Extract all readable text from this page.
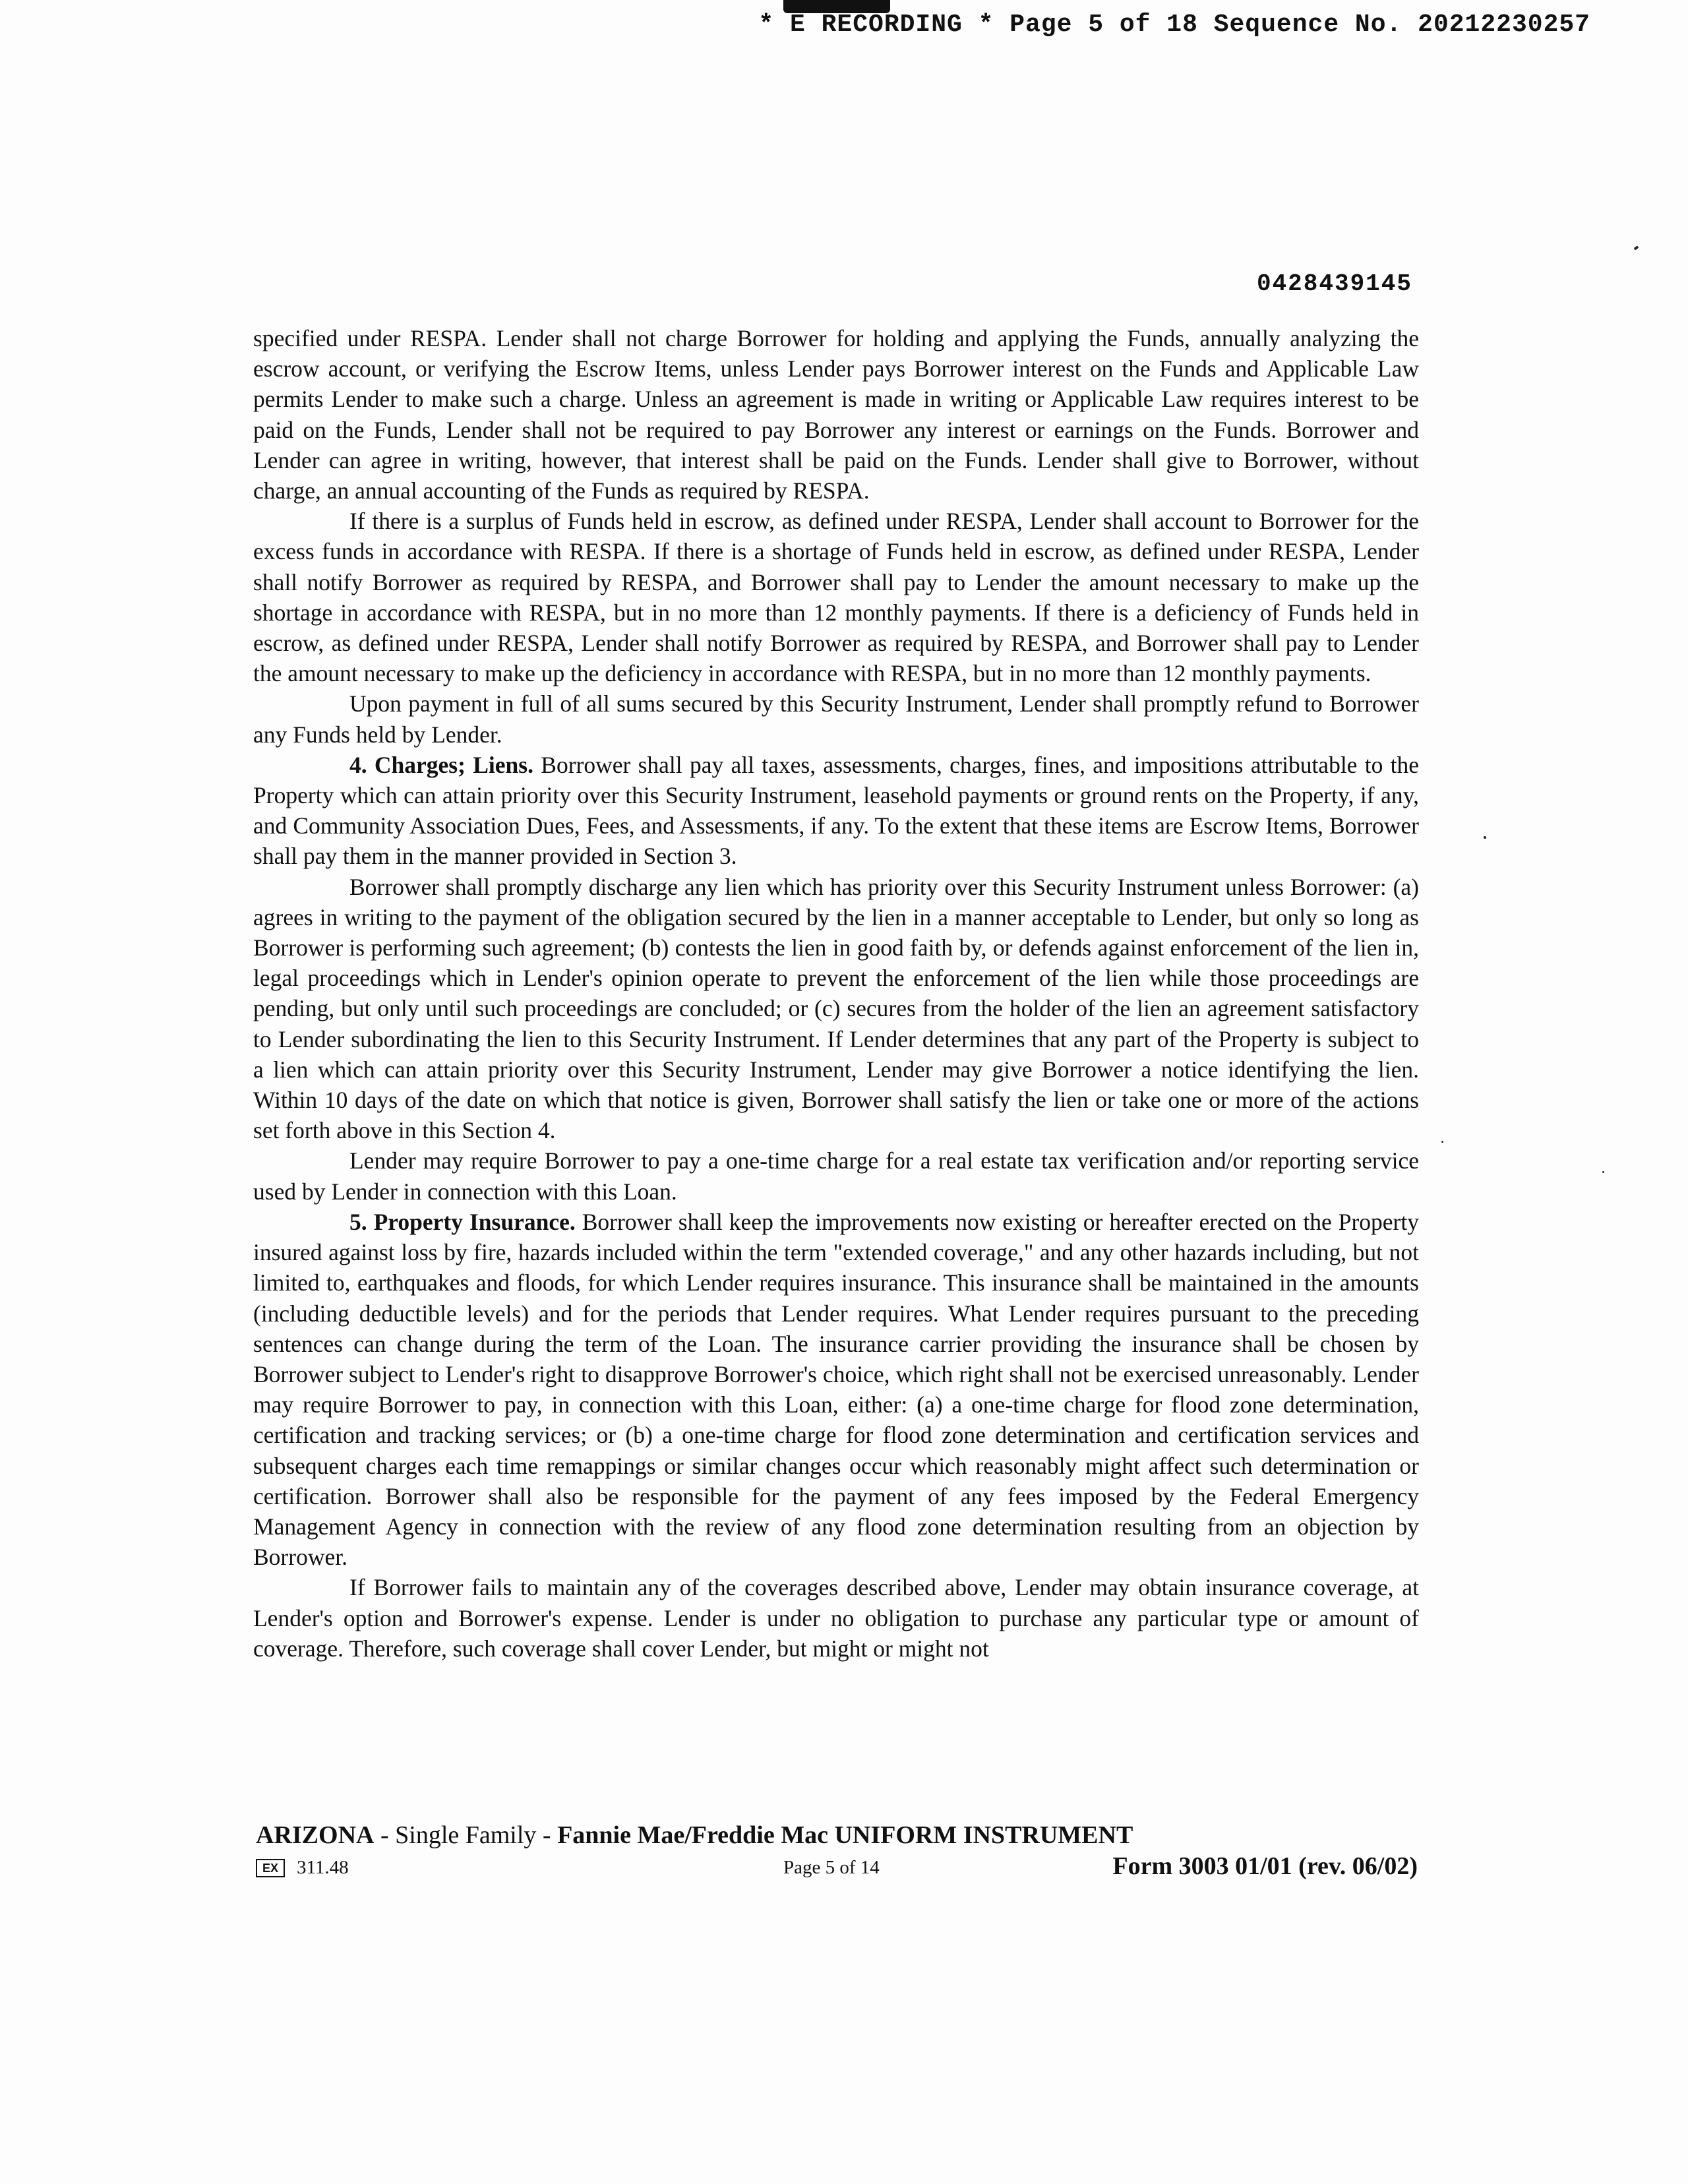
* E RECORDING * Page 5 of 18 Sequence No. 20212230257
0428439145

specified under RESPA. Lender shall not charge Borrower for holding and applying the Funds, annually analyzing the escrow account, or verifying the Escrow Items, unless Lender pays Borrower interest on the Funds and Applicable Law permits Lender to make such a charge. Unless an agreement is made in writing or Applicable Law requires interest to be paid on the Funds, Lender shall not be required to pay Borrower any interest or earnings on the Funds. Borrower and Lender can agree in writing, however, that interest shall be paid on the Funds. Lender shall give to Borrower, without charge, an annual accounting of the Funds as required by RESPA.

If there is a surplus of Funds held in escrow, as defined under RESPA, Lender shall account to Borrower for the excess funds in accordance with RESPA. If there is a shortage of Funds held in escrow, as defined under RESPA, Lender shall notify Borrower as required by RESPA, and Borrower shall pay to Lender the amount necessary to make up the shortage in accordance with RESPA, but in no more than 12 monthly payments. If there is a deficiency of Funds held in escrow, as defined under RESPA, Lender shall notify Borrower as required by RESPA, and Borrower shall pay to Lender the amount necessary to make up the deficiency in accordance with RESPA, but in no more than 12 monthly payments.

Upon payment in full of all sums secured by this Security Instrument, Lender shall promptly refund to Borrower any Funds held by Lender.

4. Charges; Liens. Borrower shall pay all taxes, assessments, charges, fines, and impositions attributable to the Property which can attain priority over this Security Instrument, leasehold payments or ground rents on the Property, if any, and Community Association Dues, Fees, and Assessments, if any. To the extent that these items are Escrow Items, Borrower shall pay them in the manner provided in Section 3.

Borrower shall promptly discharge any lien which has priority over this Security Instrument unless Borrower: (a) agrees in writing to the payment of the obligation secured by the lien in a manner acceptable to Lender, but only so long as Borrower is performing such agreement; (b) contests the lien in good faith by, or defends against enforcement of the lien in, legal proceedings which in Lender's opinion operate to prevent the enforcement of the lien while those proceedings are pending, but only until such proceedings are concluded; or (c) secures from the holder of the lien an agreement satisfactory to Lender subordinating the lien to this Security Instrument. If Lender determines that any part of the Property is subject to a lien which can attain priority over this Security Instrument, Lender may give Borrower a notice identifying the lien. Within 10 days of the date on which that notice is given, Borrower shall satisfy the lien or take one or more of the actions set forth above in this Section 4.

Lender may require Borrower to pay a one-time charge for a real estate tax verification and/or reporting service used by Lender in connection with this Loan.

5. Property Insurance. Borrower shall keep the improvements now existing or hereafter erected on the Property insured against loss by fire, hazards included within the term "extended coverage," and any other hazards including, but not limited to, earthquakes and floods, for which Lender requires insurance. This insurance shall be maintained in the amounts (including deductible levels) and for the periods that Lender requires. What Lender requires pursuant to the preceding sentences can change during the term of the Loan. The insurance carrier providing the insurance shall be chosen by Borrower subject to Lender's right to disapprove Borrower's choice, which right shall not be exercised unreasonably. Lender may require Borrower to pay, in connection with this Loan, either: (a) a one-time charge for flood zone determination, certification and tracking services; or (b) a one-time charge for flood zone determination and certification services and subsequent charges each time remappings or similar changes occur which reasonably might affect such determination or certification. Borrower shall also be responsible for the payment of any fees imposed by the Federal Emergency Management Agency in connection with the review of any flood zone determination resulting from an objection by Borrower.

If Borrower fails to maintain any of the coverages described above, Lender may obtain insurance coverage, at Lender's option and Borrower's expense. Lender is under no obligation to purchase any particular type or amount of coverage. Therefore, such coverage shall cover Lender, but might or might not

ARIZONA - Single Family - Fannie Mae/Freddie Mac UNIFORM INSTRUMENT
EX 311.48	Page 5 of 14	Form 3003 01/01 (rev. 06/02)
